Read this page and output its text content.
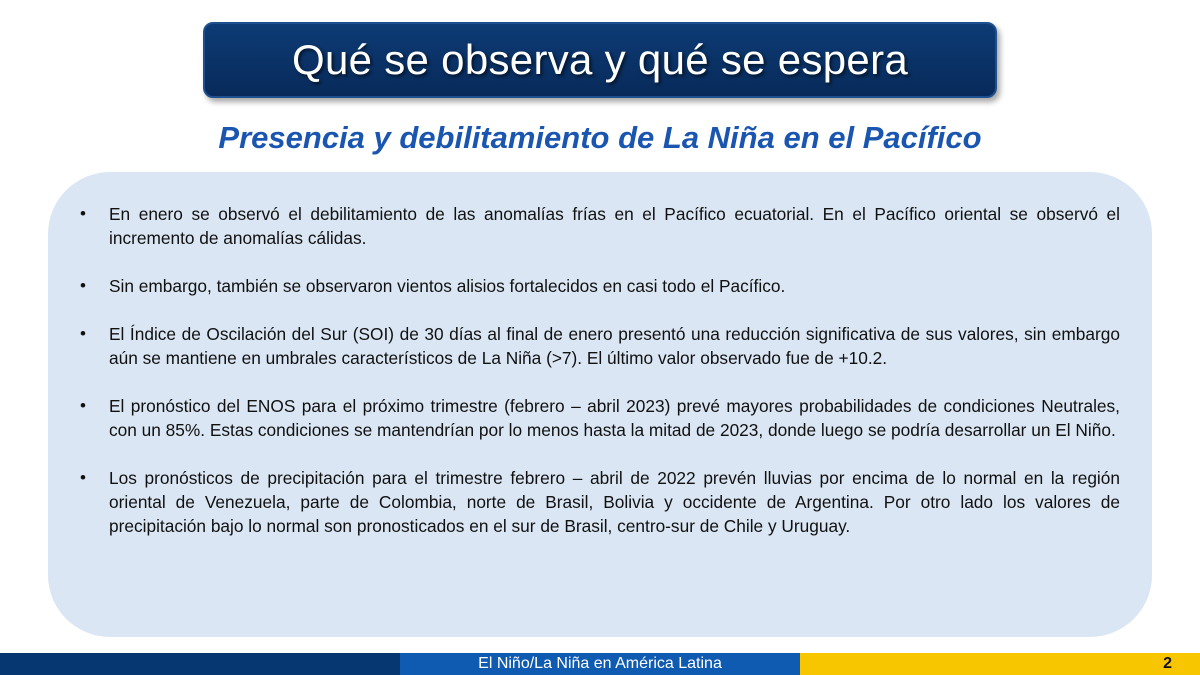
Qué se observa y qué se espera
Presencia y debilitamiento de La Niña en el Pacífico
• En enero se observó el debilitamiento de las anomalías frías en el Pacífico ecuatorial. En el Pacífico oriental se observó el incremento de anomalías cálidas.
• Sin embargo, también se observaron vientos alisios fortalecidos en casi todo el Pacífico.
• El Índice de Oscilación del Sur (SOI) de 30 días al final de enero presentó una reducción significativa de sus valores, sin embargo aún se mantiene en umbrales característicos de La Niña (>7). El último valor observado fue de +10.2.
• El pronóstico del ENOS para el próximo trimestre (febrero – abril 2023) prevé mayores probabilidades de condiciones Neutrales, con un 85%. Estas condiciones se mantendrían por lo menos hasta la mitad de 2023, donde luego se podría desarrollar un El Niño.
• Los pronósticos de precipitación para el trimestre febrero – abril de 2022 prevén lluvias por encima de lo normal en la región oriental de Venezuela, parte de Colombia, norte de Brasil, Bolivia y occidente de Argentina. Por otro lado los valores de precipitación bajo lo normal son pronosticados en el sur de Brasil, centro-sur de Chile y Uruguay.
El Niño/La Niña en América Latina	2
